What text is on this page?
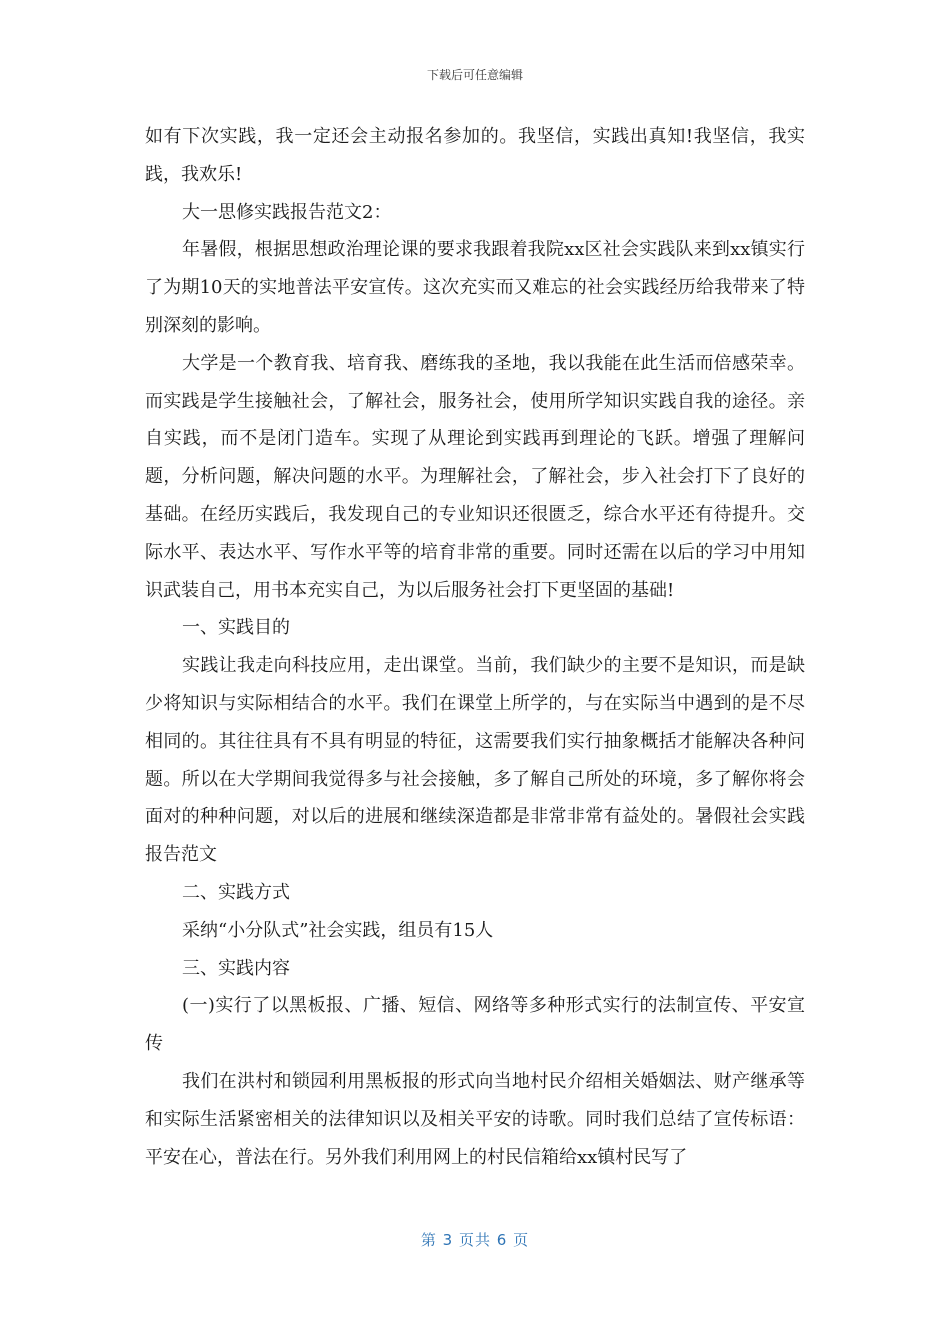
下载后可任意编辑

如有下次实践，我一定还会主动报名参加的。我坚信，实践出真知!我坚信，我实践，我欢乐!

大一思修实践报告范文2：

年暑假，根据思想政治理论课的要求我跟着我院xx区社会实践队来到xx镇实行了为期10天的实地普法平安宣传。这次充实而又难忘的社会实践经历给我带来了特别深刻的影响。

大学是一个教育我、培育我、磨练我的圣地，我以我能在此生活而倍感荣幸。而实践是学生接触社会，了解社会，服务社会，使用所学知识实践自我的途径。亲自实践，而不是闭门造车。实现了从理论到实践再到理论的飞跃。增强了理解问题，分析问题，解决问题的水平。为理解社会，了解社会，步入社会打下了良好的基础。在经历实践后，我发现自己的专业知识还很匮乏，综合水平还有待提升。交际水平、表达水平、写作水平等的培育非常的重要。同时还需在以后的学习中用知识武装自己，用书本充实自己，为以后服务社会打下更坚固的基础!

一、实践目的

实践让我走向科技应用，走出课堂。当前，我们缺少的主要不是知识，而是缺少将知识与实际相结合的水平。我们在课堂上所学的，与在实际当中遇到的是不尽相同的。其往往具有不具有明显的特征，这需要我们实行抽象概括才能解决各种问题。所以在大学期间我觉得多与社会接触，多了解自己所处的环境，多了解你将会面对的种种问题，对以后的进展和继续深造都是非常非常有益处的。暑假社会实践报告范文

二、实践方式

采纳“小分队式”社会实践，组员有15人

三、实践内容

(一)实行了以黑板报、广播、短信、网络等多种形式实行的法制宣传、平安宣传

我们在洪村和锁园利用黑板报的形式向当地村民介绍相关婚姻法、财产继承等和实际生活紧密相关的法律知识以及相关平安的诗歌。同时我们总结了宣传标语：平安在心，普法在行。另外我们利用网上的村民信箱给xx镇村民写了

第 3 页共 6 页
